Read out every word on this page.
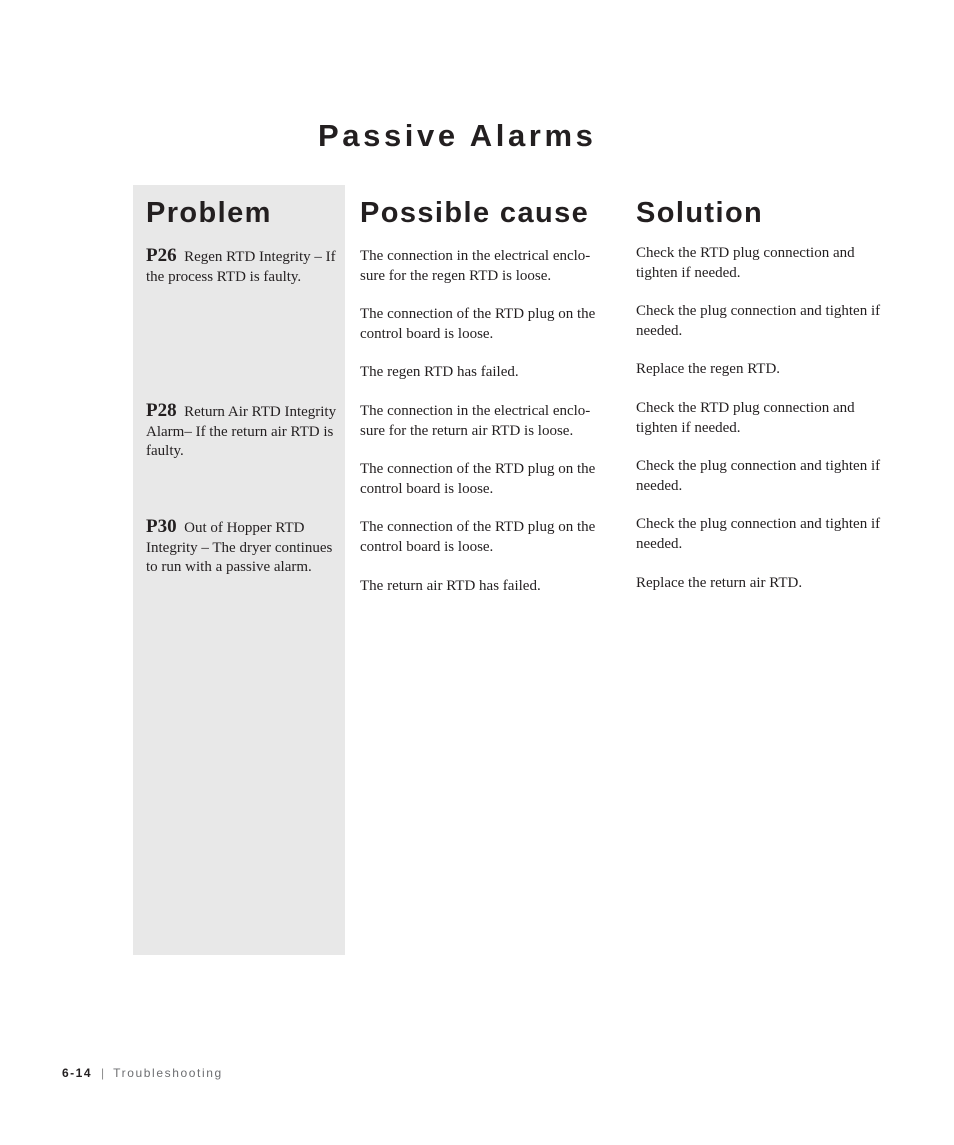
Passive Alarms
Problem	Possible cause Solution
P26 Regen RTD Integrity – If the process RTD is faulty.
P28 Return Air RTD Integrity Alarm– If the return air RTD is faulty.
P30 Out of Hopper RTD Integrity – The dryer continues to run with a passive alarm.
The connection in the electrical enclo-sure for the regen RTD is loose.
The connection of the RTD plug on the control board is loose.
The regen RTD has failed.
The connection in the electrical enclo-sure for the return air RTD is loose.
The connection of the RTD plug on the control board is loose.
The connection of the RTD plug on the control board is loose.
The return air RTD has failed.
Check the RTD plug connection and tighten if needed.
Check the plug connection and tighten if needed.
Replace the regen RTD.
Check the RTD plug connection and tighten if needed.
Check the plug connection and tighten if needed.
Check the plug connection and tighten if needed.
Replace the return air RTD.
6-14 | Troubleshooting
